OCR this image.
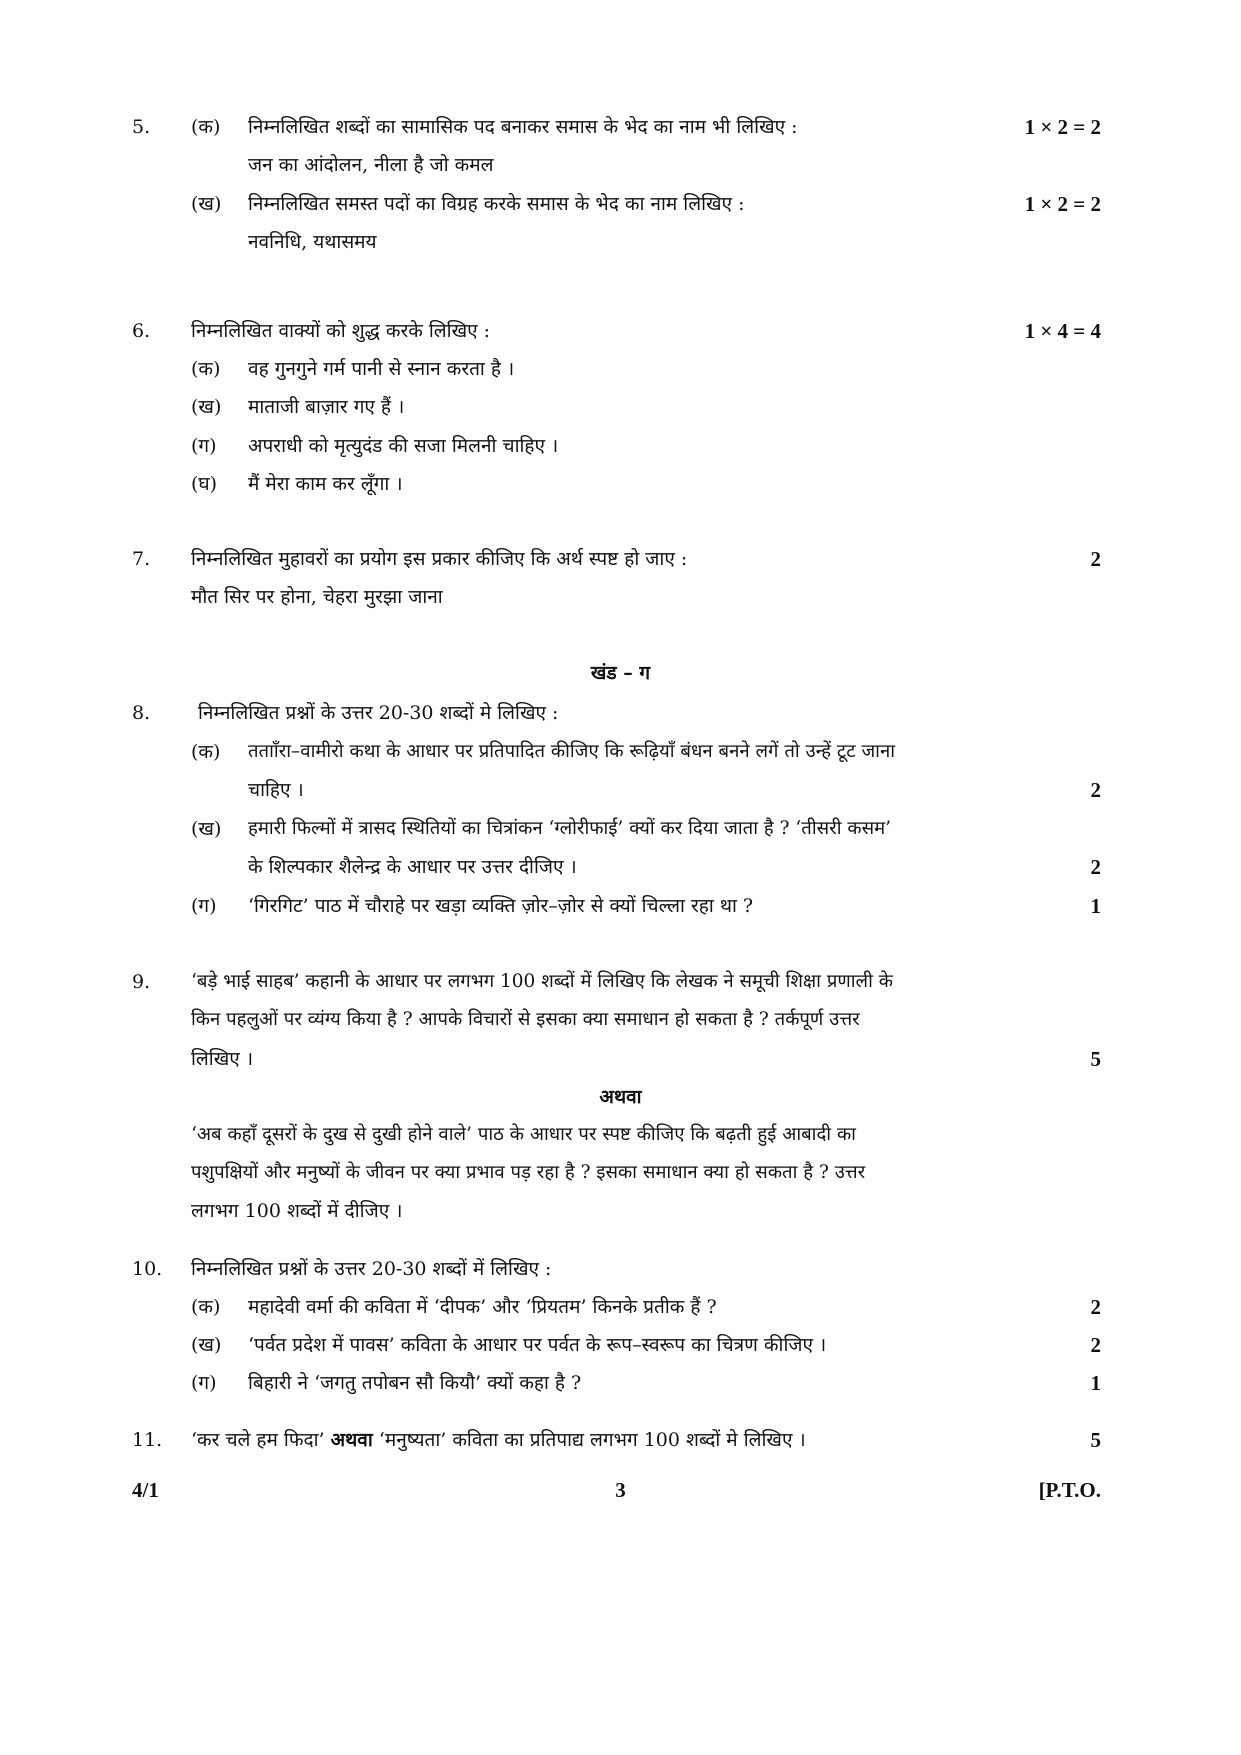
5. (क) निम्नलिखित शब्दों का सामासिक पद बनाकर समास के भेद का नाम भी लिखिए :	1 × 2 = 2
जन का आंदोलन, नीला है जो कमल
(ख) निम्नलिखित समस्त पदों का विग्रह करके समास के भेद का नाम लिखिए :	1 × 2 = 2
नवनिधि, यथासमय
6. निम्नलिखित वाक्यों को शुद्ध करके लिखिए :	1 × 4 = 4
(क) वह गुनगुने गर्म पानी से स्नान करता है ।
(ख) माताजी बाज़ार गए हैं ।
(ग) अपराधी को मृत्युदंड की सजा मिलनी चाहिए ।
(घ) मैं मेरा काम कर लूँगा ।
7. निम्नलिखित मुहावरों का प्रयोग इस प्रकार कीजिए कि अर्थ स्पष्ट हो जाए :	2
मौत सिर पर होना, चेहरा मुरझा जाना
खंड – ग
8.	निम्नलिखित प्रश्नों के उत्तर 20-30 शब्दों मे लिखिए :
(क) ततााँरा–वामीरो कथा के आधार पर प्रतिपादित कीजिए कि रूढ़ियाँ बंधन बनने लगें तो उन्हें टूट जाना
चाहिए ।	2
(ख) हमारी फिल्मों में त्रासद स्थितियों का चित्रांकन ‘ग्लोरीफाई’ क्यों कर दिया जाता है ? ‘तीसरी कसम’
के शिल्पकार शैलेन्द्र के आधार पर उत्तर दीजिए ।	2
(ग) ‘गिरगिट’ पाठ में चौराहे पर खड़ा व्यक्ति ज़ोर–ज़ोर से क्यों चिल्ला रहा था ?	1
9. ‘बड़े भाई साहब’ कहानी के आधार पर लगभग 100 शब्दों में लिखिए कि लेखक ने समूची शिक्षा प्रणाली के
किन पहलुओं पर व्यंग्य किया है ? आपके विचारों से इसका क्या समाधान हो सकता है ? तर्कपूर्ण उत्तर
लिखिए ।	5
अथवा
‘अब कहाँ दूसरों के दुख से दुखी होने वाले’ पाठ के आधार पर स्पष्ट कीजिए कि बढ़ती हुई आबादी का
पशुपक्षियों और मनुष्यों के जीवन पर क्या प्रभाव पड़ रहा है ? इसका समाधान क्या हो सकता है ? उत्तर
लगभग 100 शब्दों में दीजिए ।
10. निम्नलिखित प्रश्नों के उत्तर 20-30 शब्दों में लिखिए :
(क) महादेवी वर्मा की कविता में ‘दीपक’ और ‘प्रियतम’ किनके प्रतीक हैं ?	2
(ख) ‘पर्वत प्रदेश में पावस’ कविता के आधार पर पर्वत के रूप–स्वरूप का चित्रण कीजिए ।	2
(ग) बिहारी ने ‘जगतु तपोबन सौ कियौ’ क्यों कहा है ?	1
11. ‘कर चले हम फिदा’ अथवा ‘मनुष्यता’ कविता का प्रतिपाद्य लगभग 100 शब्दों मे लिखिए ।	5
4/1	3	[P.T.O.
